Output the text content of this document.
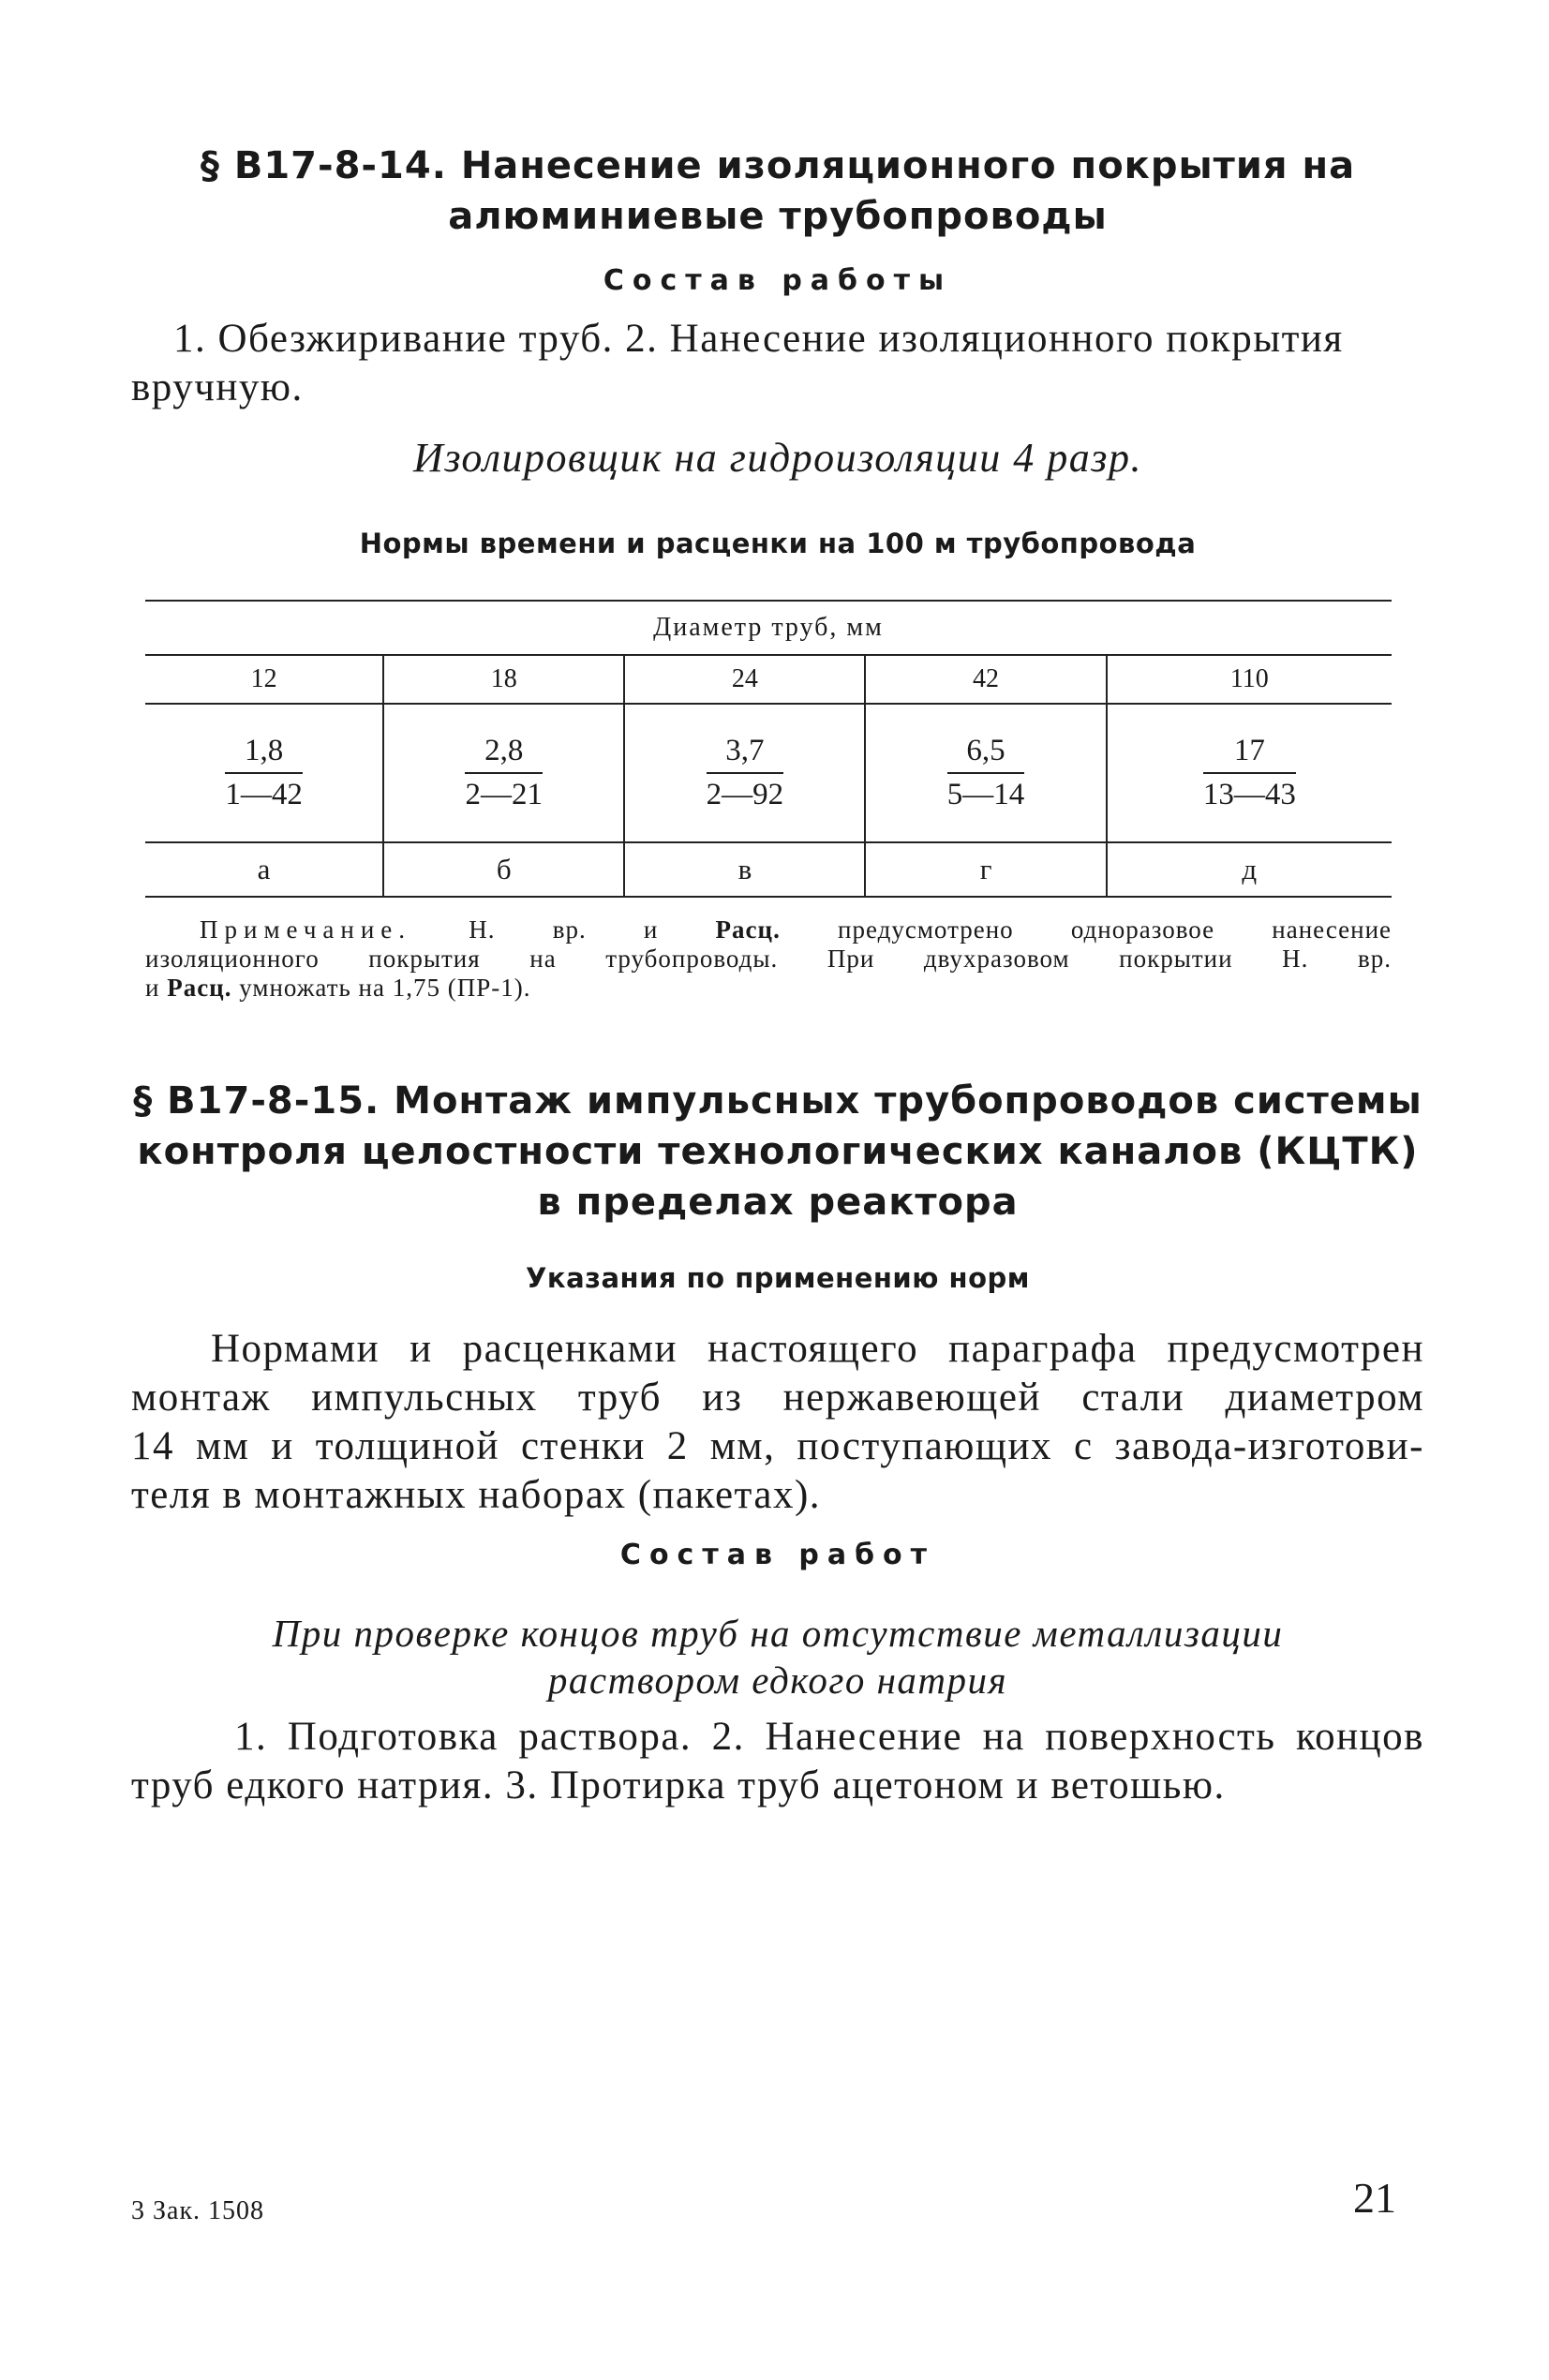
§ В17-8-14. Нанесение изоляционного покрытия на
алюминиевые трубопроводы
Состав работы
1. Обезжиривание труб. 2. Нанесение изоляционного покрытия
вручную.
Изолировщик на гидроизоляции 4 разр.
Нормы времени и расценки на 100 м трубопровода
Диаметр труб, мм				
12	18	24	42	110

$\frac{1,8}{1—42}$	$\frac{2,8}{2—21}$	$\frac{3,7}{2—92}$	$\frac{6,5}{5—14}$	$\frac{17}{13—43}$

а	б	в	г	д
Примечание. Н. вр. и Расц. предусмотрено одноразовое нанесение
изоляционного покрытия на трубопроводы. При двухразовом покрытии Н. вр.
и Расц. умножать на 1,75 (ПР-1).
§ В17-8-15. Монтаж импульсных трубопроводов системы
контроля целостности технологических каналов (КЦТК)
в пределах реактора
Указания по применению норм
Нормами и расценками настоящего параграфа предусмотрен
монтаж импульсных труб из нержавеющей стали диаметром
14 мм и толщиной стенки 2 мм, поступающих с завода-изготови-
теля в монтажных наборах (пакетах).
Состав работ
При проверке концов труб на отсутствие металлизации
раствором едкого натрия
1. Подготовка раствора. 2. Нанесение на поверхность концов
труб едкого натрия. 3. Протирка труб ацетоном и ветошью.
3 Зак. 1508	21
